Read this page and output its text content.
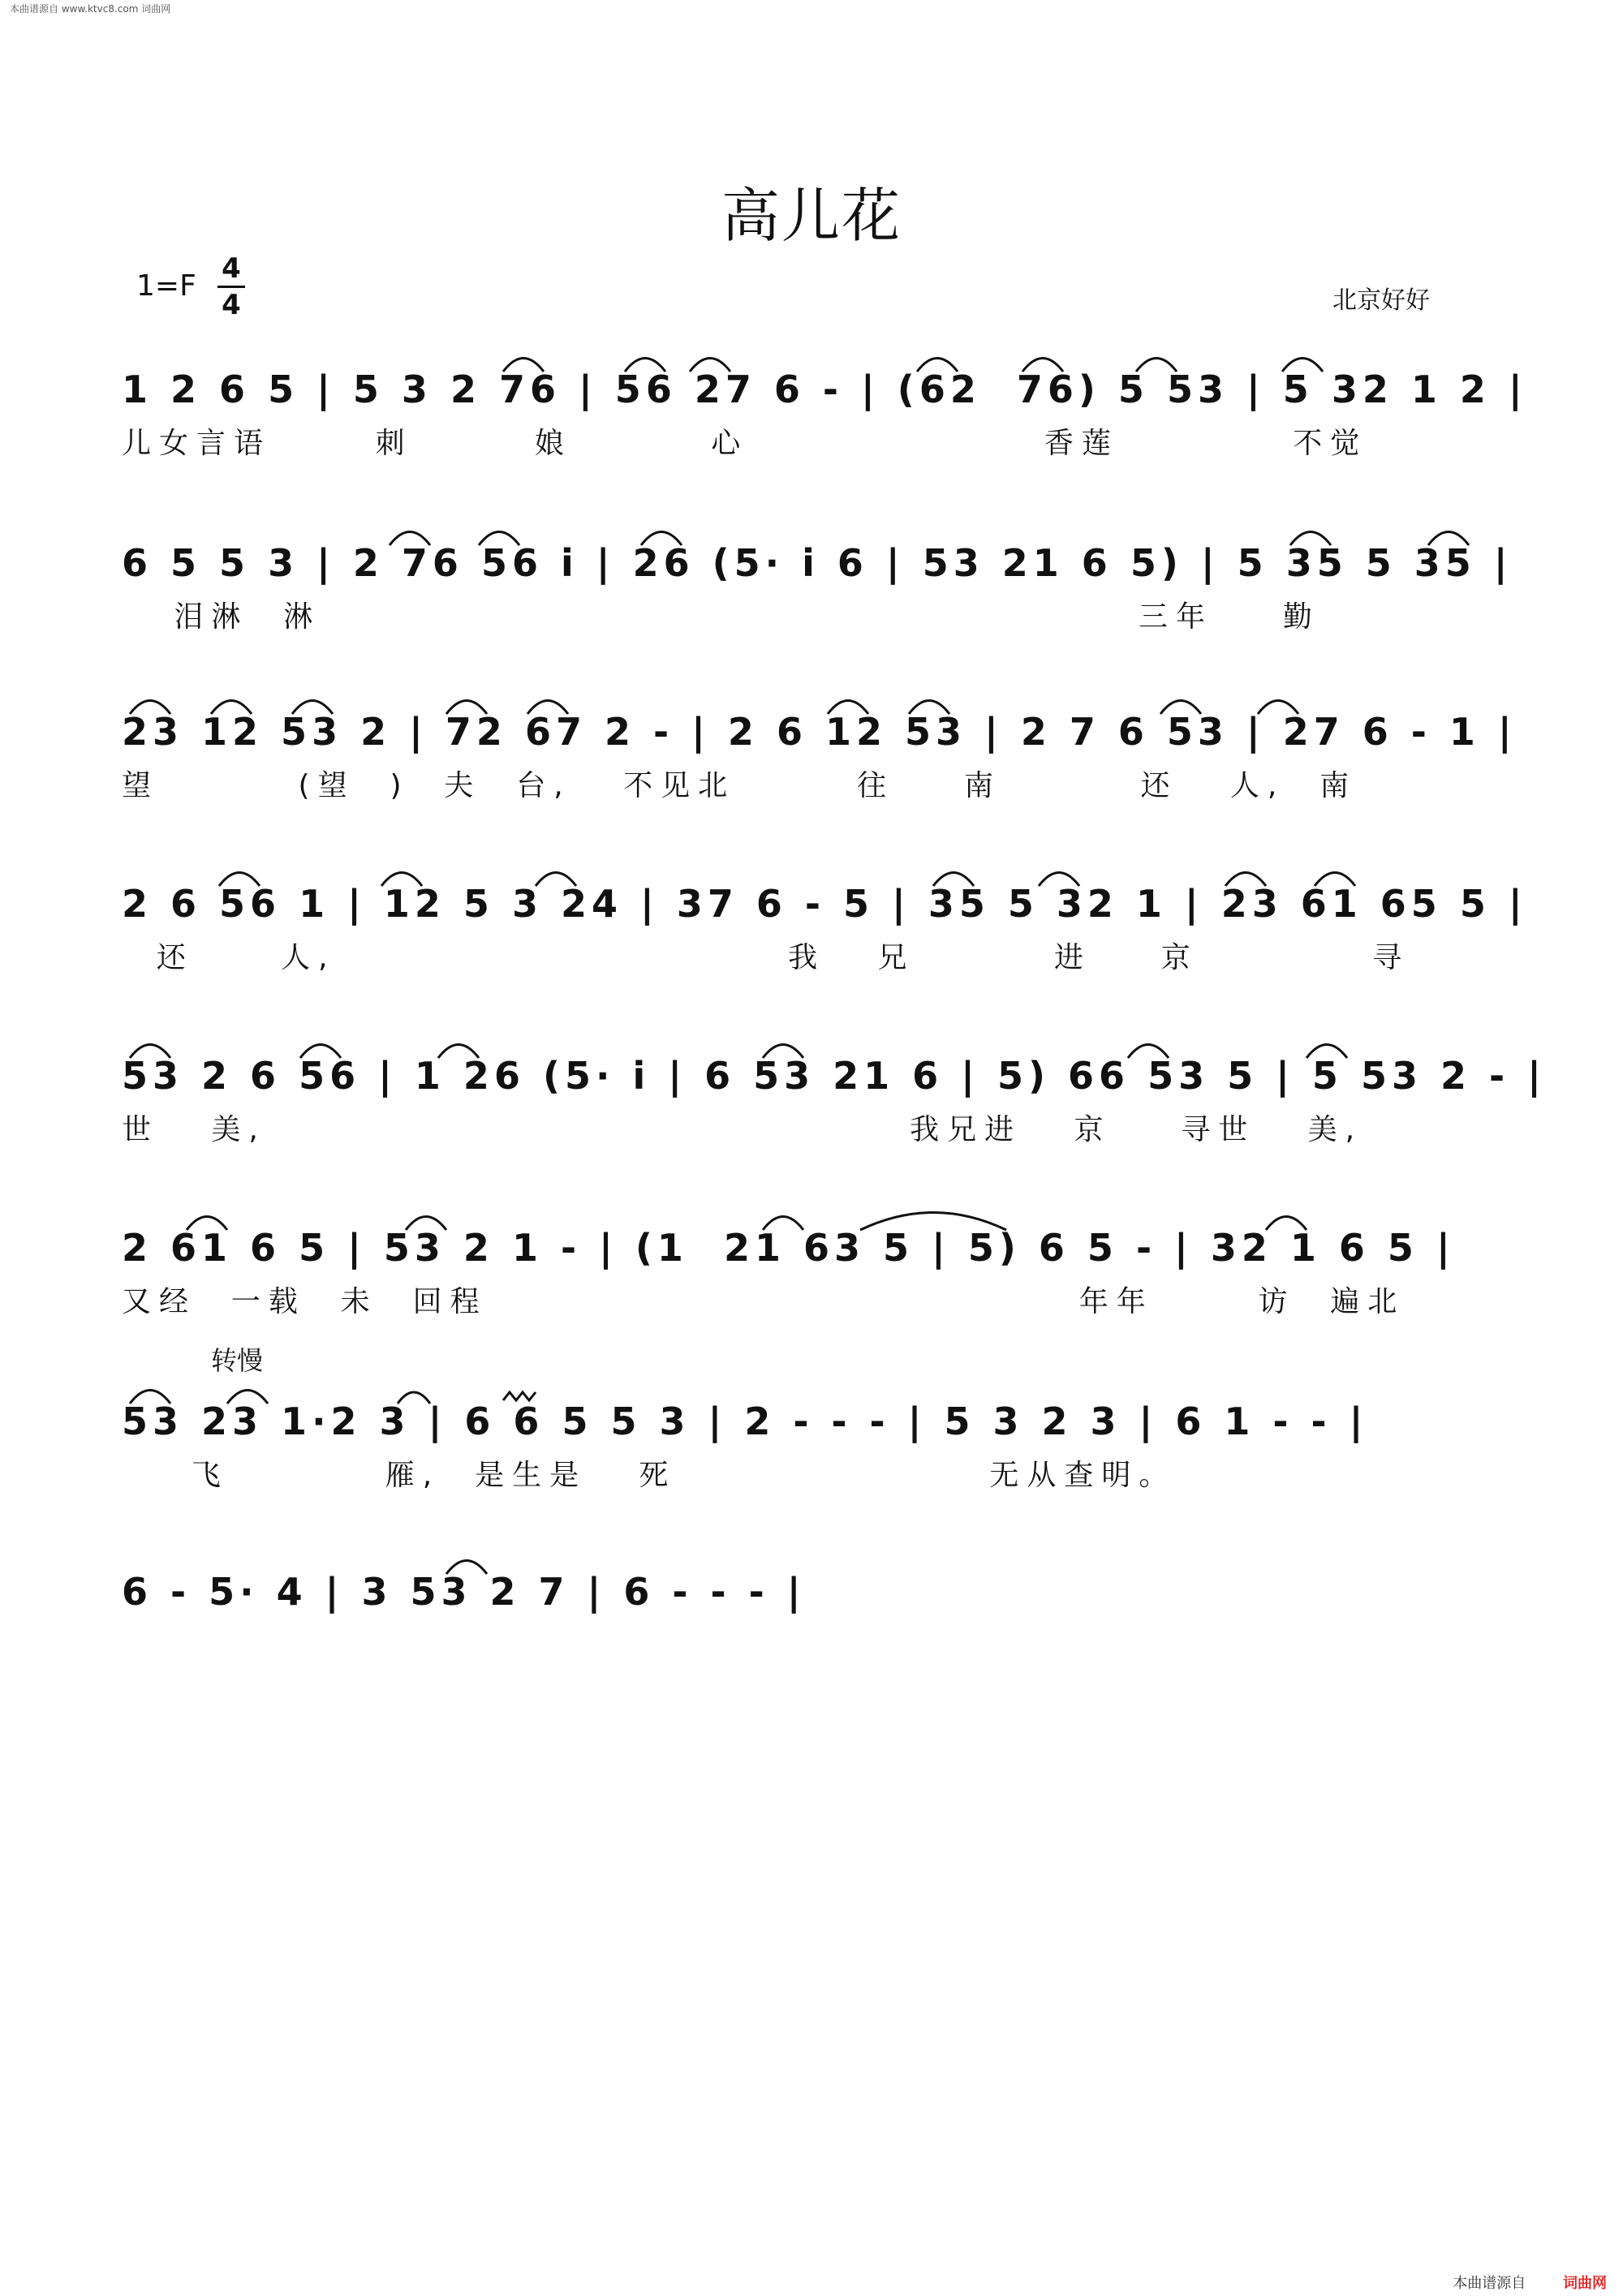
本曲谱源自 www.ktvc8.com 词曲网
高儿花
1=F
4
4	北京好好
转慢
1 2 6 5 | 5 3 2 76 | 56 27 6 - | (62  76) 5 53 | 5 32 1 2 |
儿女言语      刺       娘        心                 香莲          不觉
6 5 5 3 | 2 76 56 i | 26 (5· i 6 | 53 21 6 5) | 5 35 5 35 |
泪淋  淋                                               三年    勤
23 12 53 2 | 72 67 2 - | 2 6 12 53 | 2 7 6 53 | 27 6 - 1 |
望        (望  )  夫  台,   不见北       往    南        还   人,  南
2 6 56 1 | 12 5 3 24 | 37 6 - 5 | 35 5 32 1 | 23 61 65 5 |
还     人,                          我   兄        进    京          寻
53 2 6 56 | 1 26 (5· i | 6 53 21 6 | 5) 66 53 5 | 5 53 2 - |
世   美,                                     我兄进   京    寻世   美,
2 61 6 5 | 53 2 1 - | (1  21 63 5 | 5) 6 5 - | 32 1 6 5 |
又经  一载  未  回程                                  年年      访  遍北
53 23 1·2 3 | 6 6 5 5 3 | 2 - - - | 5 3 2 3 | 6 1 - - |
飞         雁,  是生是   死                  无从查明。
6 - 5· 4 | 3 53 2 7 | 6 - - - |
本曲谱源自	词曲网
